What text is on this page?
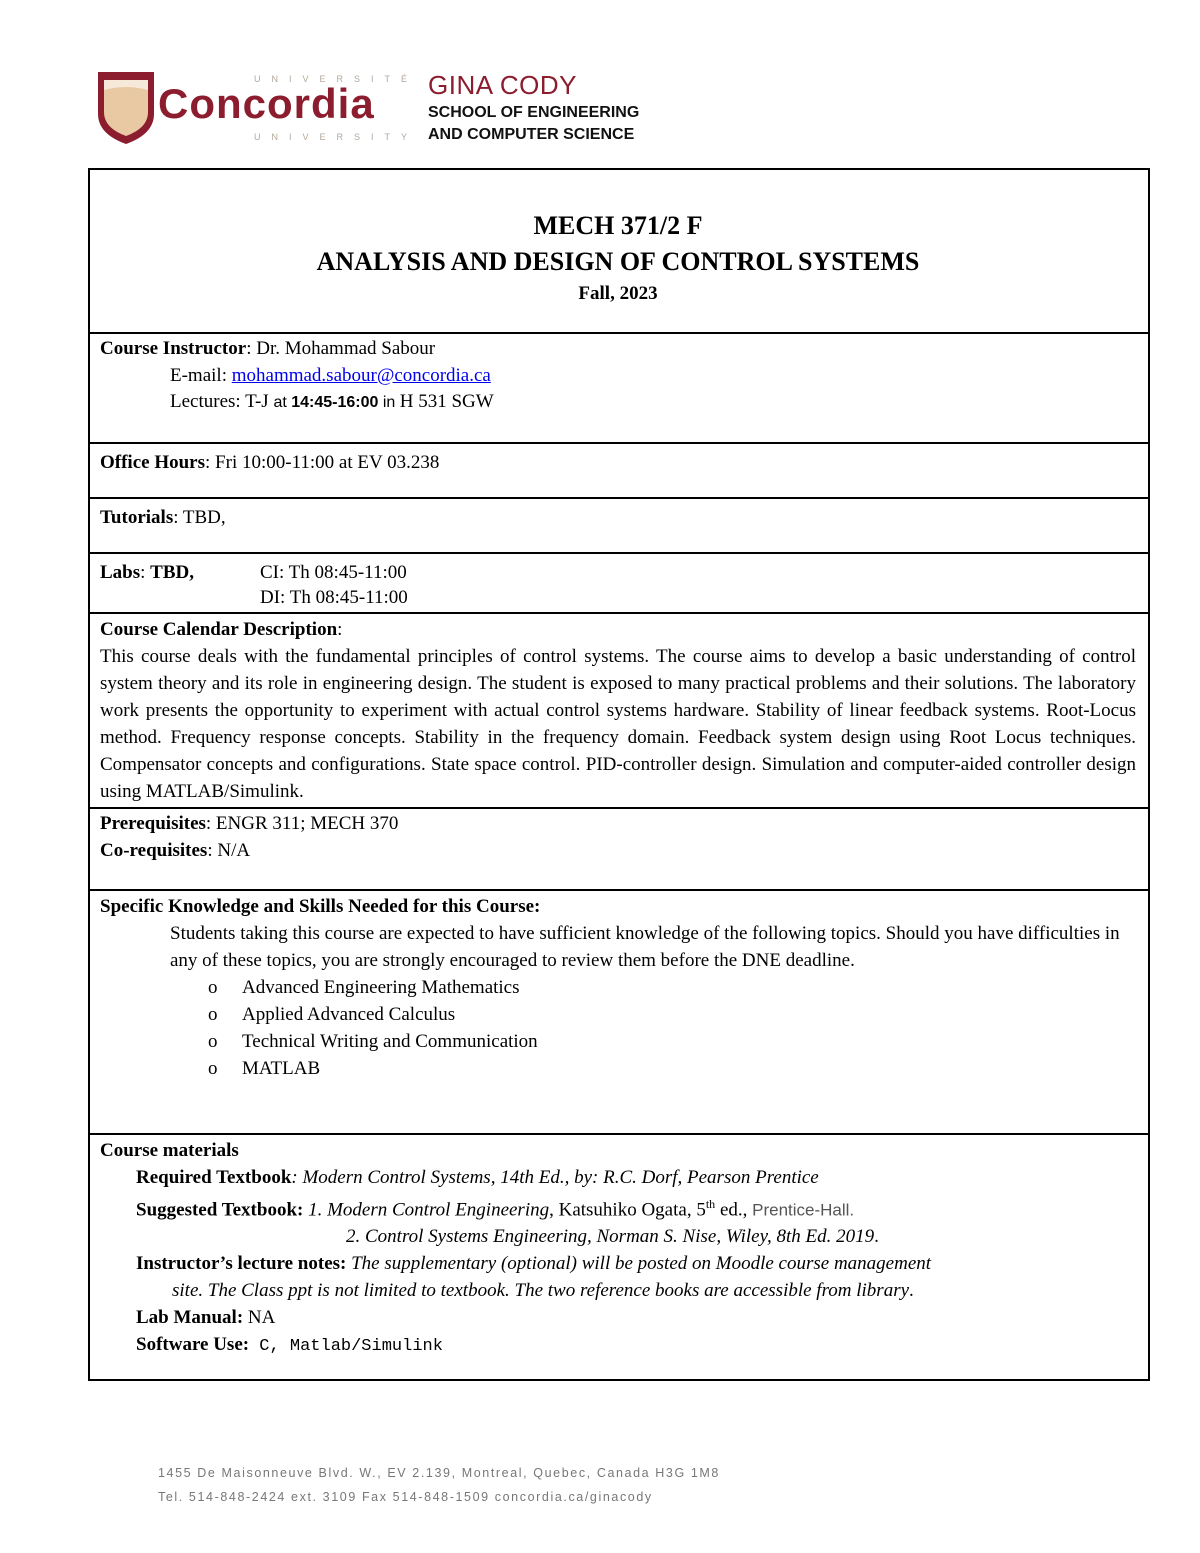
UNIVERSITÉ
Concordia
UNIVERSITY
GINA CODY
SCHOOL OF ENGINEERING
AND COMPUTER SCIENCE
MECH 371/2 F
ANALYSIS AND DESIGN OF CONTROL SYSTEMS
Fall, 2023

Course Instructor: Dr. Mohammad Sabour
E-mail: mohammad.sabour@concordia.ca
Lectures: T-J at 14:45-16:00 in H 531 SGW

Office Hours: Fri 10:00-11:00 at EV 03.238
Tutorials: TBD,

Labs: TBD,	CI: Th 08:45-11:00
DI: Th 08:45-11:00

Course Calendar Description:
This course deals with the fundamental principles of control systems. The course aims to develop a basic understanding of control system theory and its role in engineering design. The student is exposed to many practical problems and their solutions. The laboratory work presents the opportunity to experiment with actual control systems hardware. Stability of linear feedback systems. Root-Locus method. Frequency response concepts. Stability in the frequency domain. Feedback system design using Root Locus techniques. Compensator concepts and configurations. State space control. PID-controller design. Simulation and computer-aided controller design using MATLAB/Simulink.

Prerequisites: ENGR 311; MECH 370
Co-requisites: N/A

Specific Knowledge and Skills Needed for this Course:
Students taking this course are expected to have sufficient knowledge of the following topics. Should you have difficulties in any of these topics, you are strongly encouraged to review them before the DNE deadline.
o Advanced Engineering Mathematics
o Applied Advanced Calculus
o Technical Writing and Communication
o MATLAB

Course materials
Required Textbook: Modern Control Systems, 14th Ed., by: R.C. Dorf, Pearson Prentice
Suggested Textbook: 1. Modern Control Engineering, Katsuhiko Ogata, 5th ed., Prentice-Hall.
2. Control Systems Engineering, Norman S. Nise, Wiley, 8th Ed. 2019.
Instructor’s lecture notes: The supplementary (optional) will be posted on Moodle course management
site. The Class ppt is not limited to textbook. The two reference books are accessible from library.
Lab Manual: NA
Software Use: C, Matlab/Simulink
1455 De Maisonneuve Blvd. W., EV 2.139, Montreal, Quebec, Canada H3G 1M8
Tel. 514-848-2424 ext. 3109 Fax 514-848-1509 concordia.ca/ginacody
